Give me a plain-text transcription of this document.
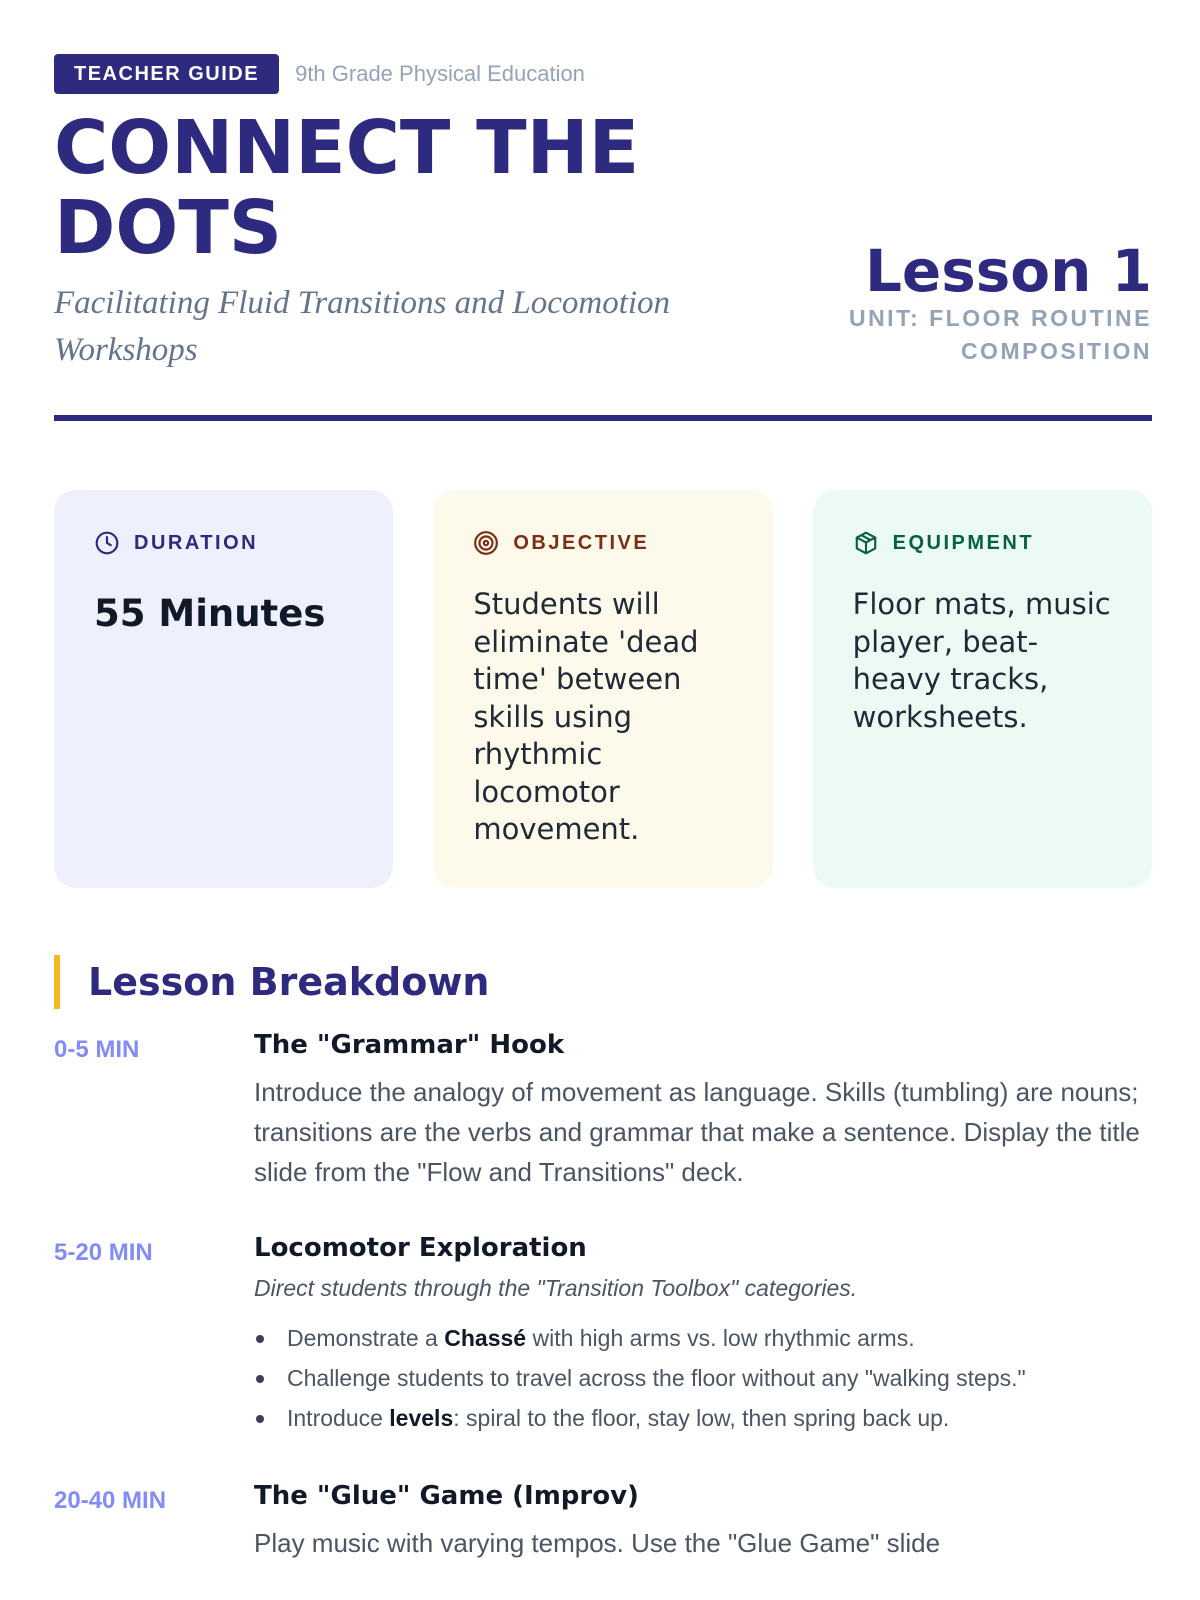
TEACHER GUIDE	9th Grade Physical Education
CONNECT THE DOTS
Facilitating Fluid Transitions and Locomotion Workshops
Lesson 1
UNIT: FLOOR ROUTINE COMPOSITION
DURATION
55 Minutes
OBJECTIVE
Students will eliminate 'dead time' between skills using rhythmic locomotor movement.
EQUIPMENT
Floor mats, music player, beat-heavy tracks, worksheets.
Lesson Breakdown
0-5 MIN	The "Grammar" Hook
Introduce the analogy of movement as language. Skills (tumbling) are nouns; transitions are the verbs and grammar that make a sentence. Display the title slide from the "Flow and Transitions" deck.
5-20 MIN	Locomotor Exploration
Direct students through the "Transition Toolbox" categories.
Demonstrate a Chassé with high arms vs. low rhythmic arms.
Challenge students to travel across the floor without any "walking steps."
Introduce levels: spiral to the floor, stay low, then spring back up.
20-40 MIN	The "Glue" Game (Improv)
Play music with varying tempos. Use the "Glue Game" slide
